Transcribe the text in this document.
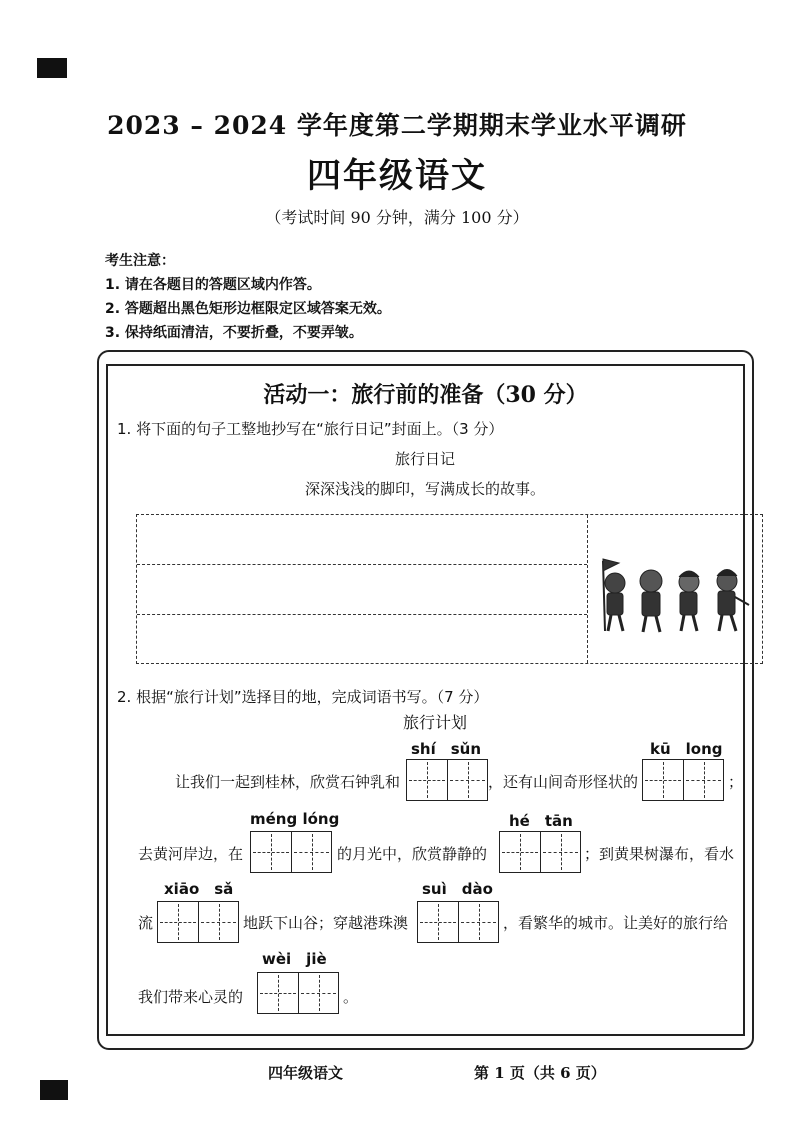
2023 – 2024 学年度第二学期期末学业水平调研
四年级语文
（考试时间 90 分钟，满分 100 分）
考生注意：
1. 请在各题目的答题区域内作答。
2. 答题超出黑色矩形边框限定区域答案无效。
3. 保持纸面清洁，不要折叠，不要弄皱。
活动一：旅行前的准备（30 分）
1. 将下面的句子工整地抄写在“旅行日记”封面上。（3 分）
旅行日记
深深浅浅的脚印，写满成长的故事。
2. 根据“旅行计划”选择目的地，完成词语书写。（7 分）
旅行计划
shí　sǔn	kū　long
让我们一起到桂林，欣赏石钟乳和	，还有山间奇形怪状的	；
méng lóng	hé　tān
去黄河岸边，在	的月光中，欣赏静静的	；到黄果树瀑布，看水
xiāo　sǎ	suì　dào
流	地跃下山谷；穿越港珠澳	，看繁华的城市。让美好的旅行给
wèi　jiè
我们带来心灵的	。
四年级语文	第 1 页（共 6 页）
